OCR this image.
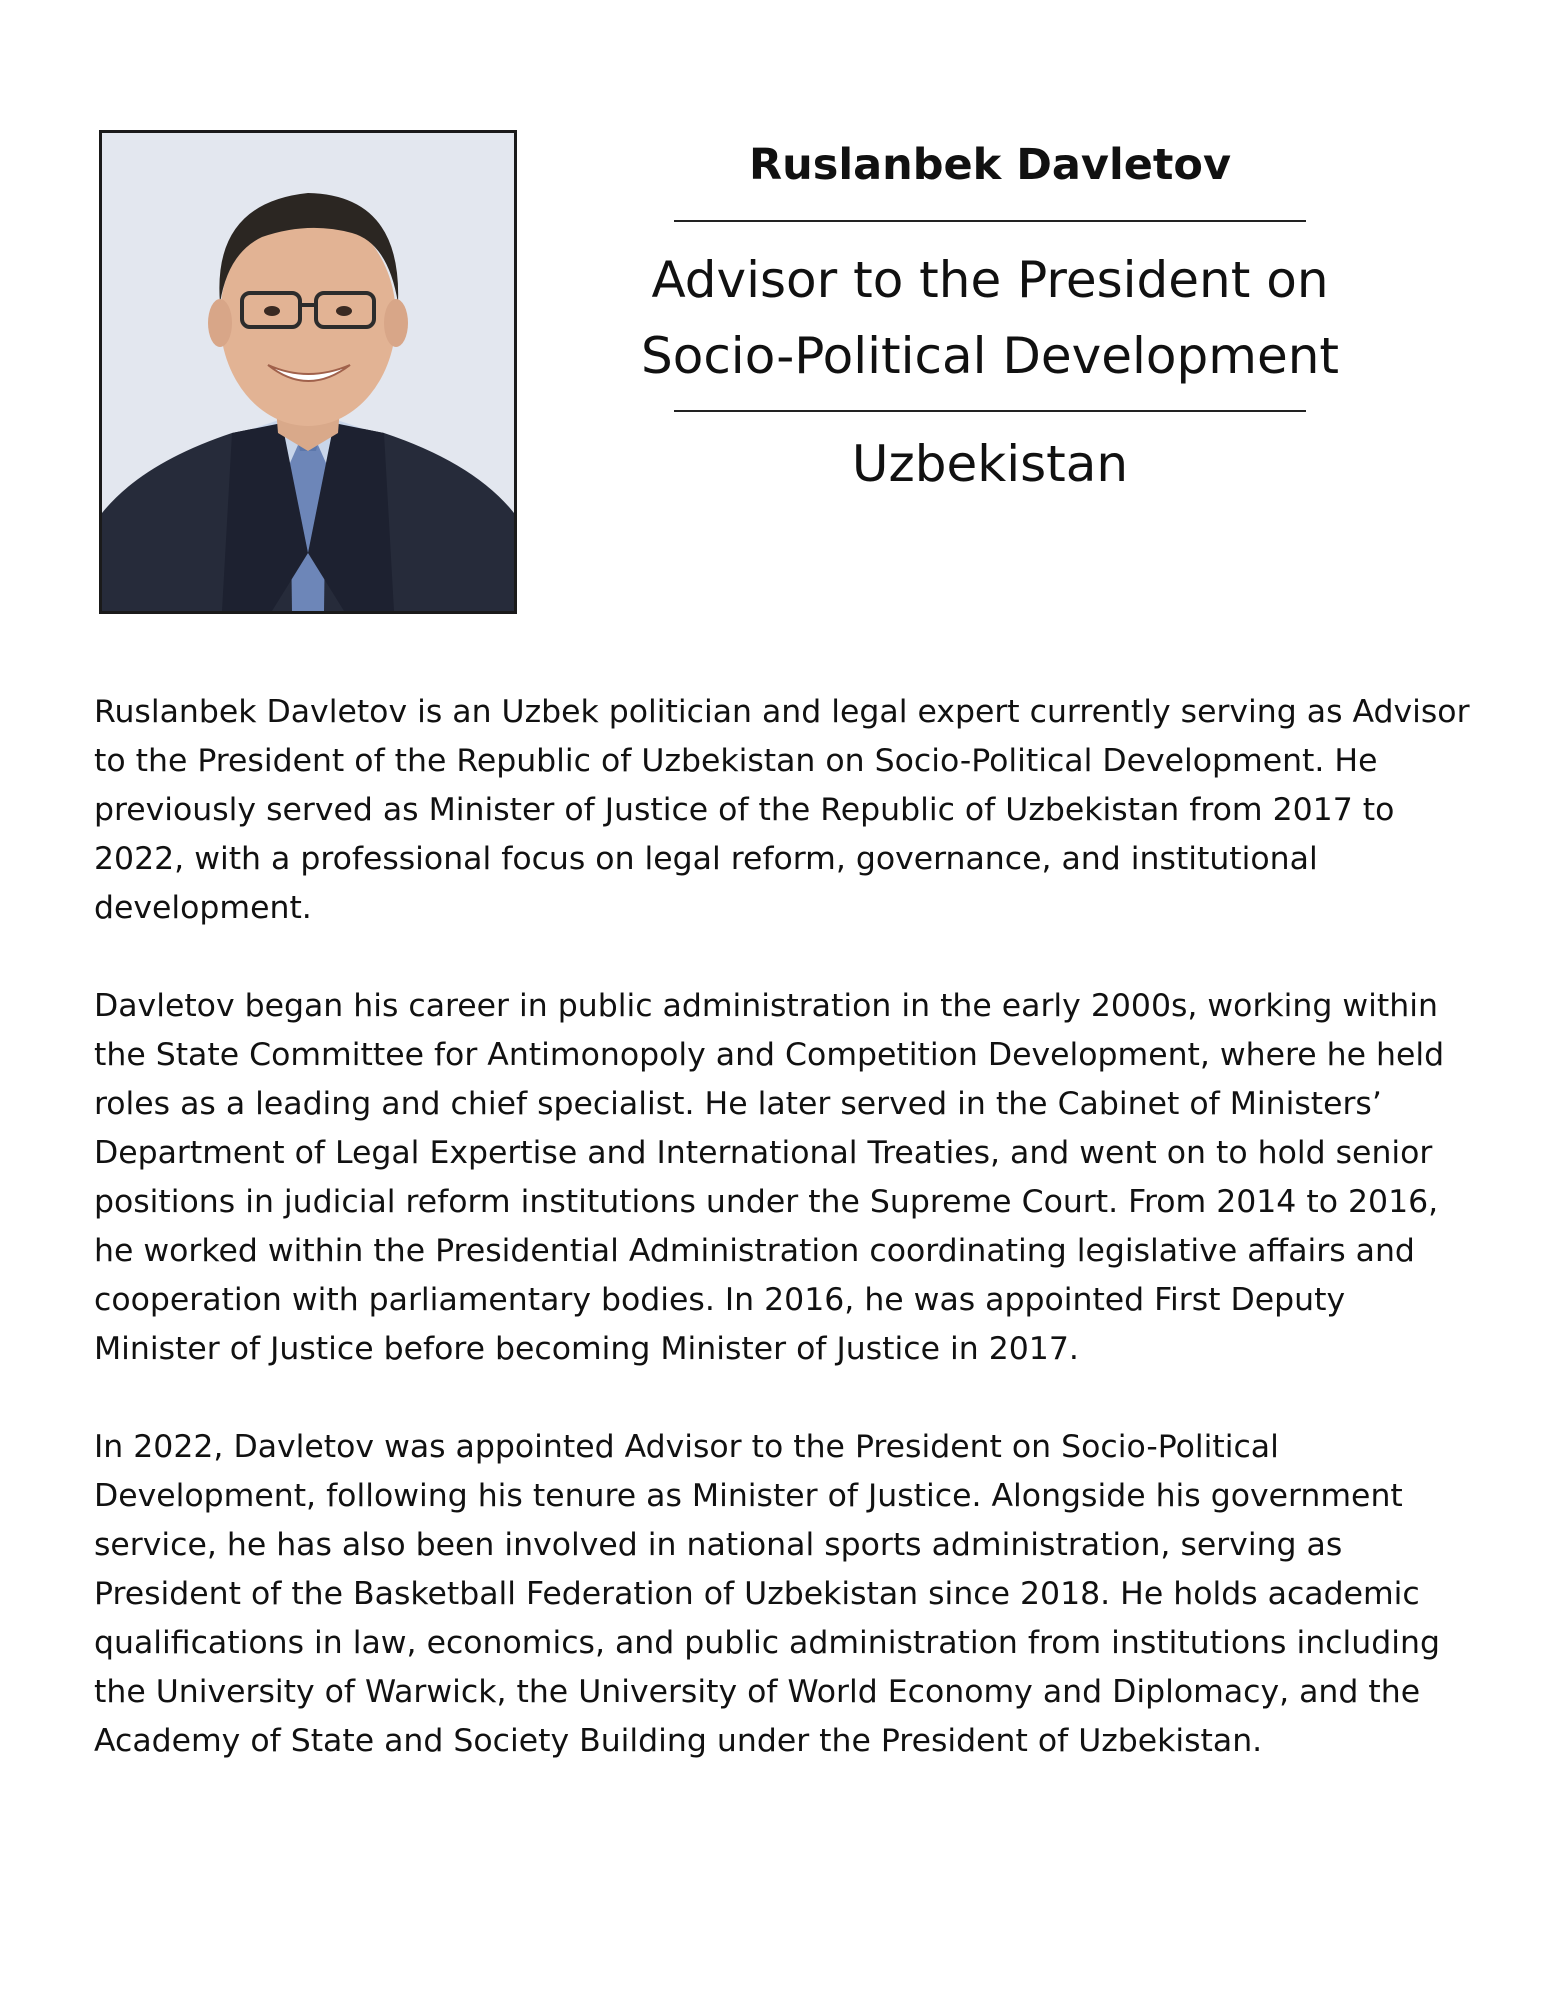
Ruslanbek Davletov
Advisor to the President on
Socio-Political Development
Uzbekistan

Ruslanbek Davletov is an Uzbek politician and legal expert currently serving as Advisor to the President of the Republic of Uzbekistan on Socio-Political Development. He previously served as Minister of Justice of the Republic of Uzbekistan from 2017 to 2022, with a professional focus on legal reform, governance, and institutional development.

Davletov began his career in public administration in the early 2000s, working within the State Committee for Antimonopoly and Competition Development, where he held roles as a leading and chief specialist. He later served in the Cabinet of Ministers’ Department of Legal Expertise and International Treaties, and went on to hold senior positions in judicial reform institutions under the Supreme Court. From 2014 to 2016, he worked within the Presidential Administration coordinating legislative affairs and cooperation with parliamentary bodies. In 2016, he was appointed First Deputy Minister of Justice before becoming Minister of Justice in 2017.

In 2022, Davletov was appointed Advisor to the President on Socio-Political Development, following his tenure as Minister of Justice. Alongside his government service, he has also been involved in national sports administration, serving as President of the Basketball Federation of Uzbekistan since 2018. He holds academic qualifications in law, economics, and public administration from institutions including the University of Warwick, the University of World Economy and Diplomacy, and the Academy of State and Society Building under the President of Uzbekistan.
